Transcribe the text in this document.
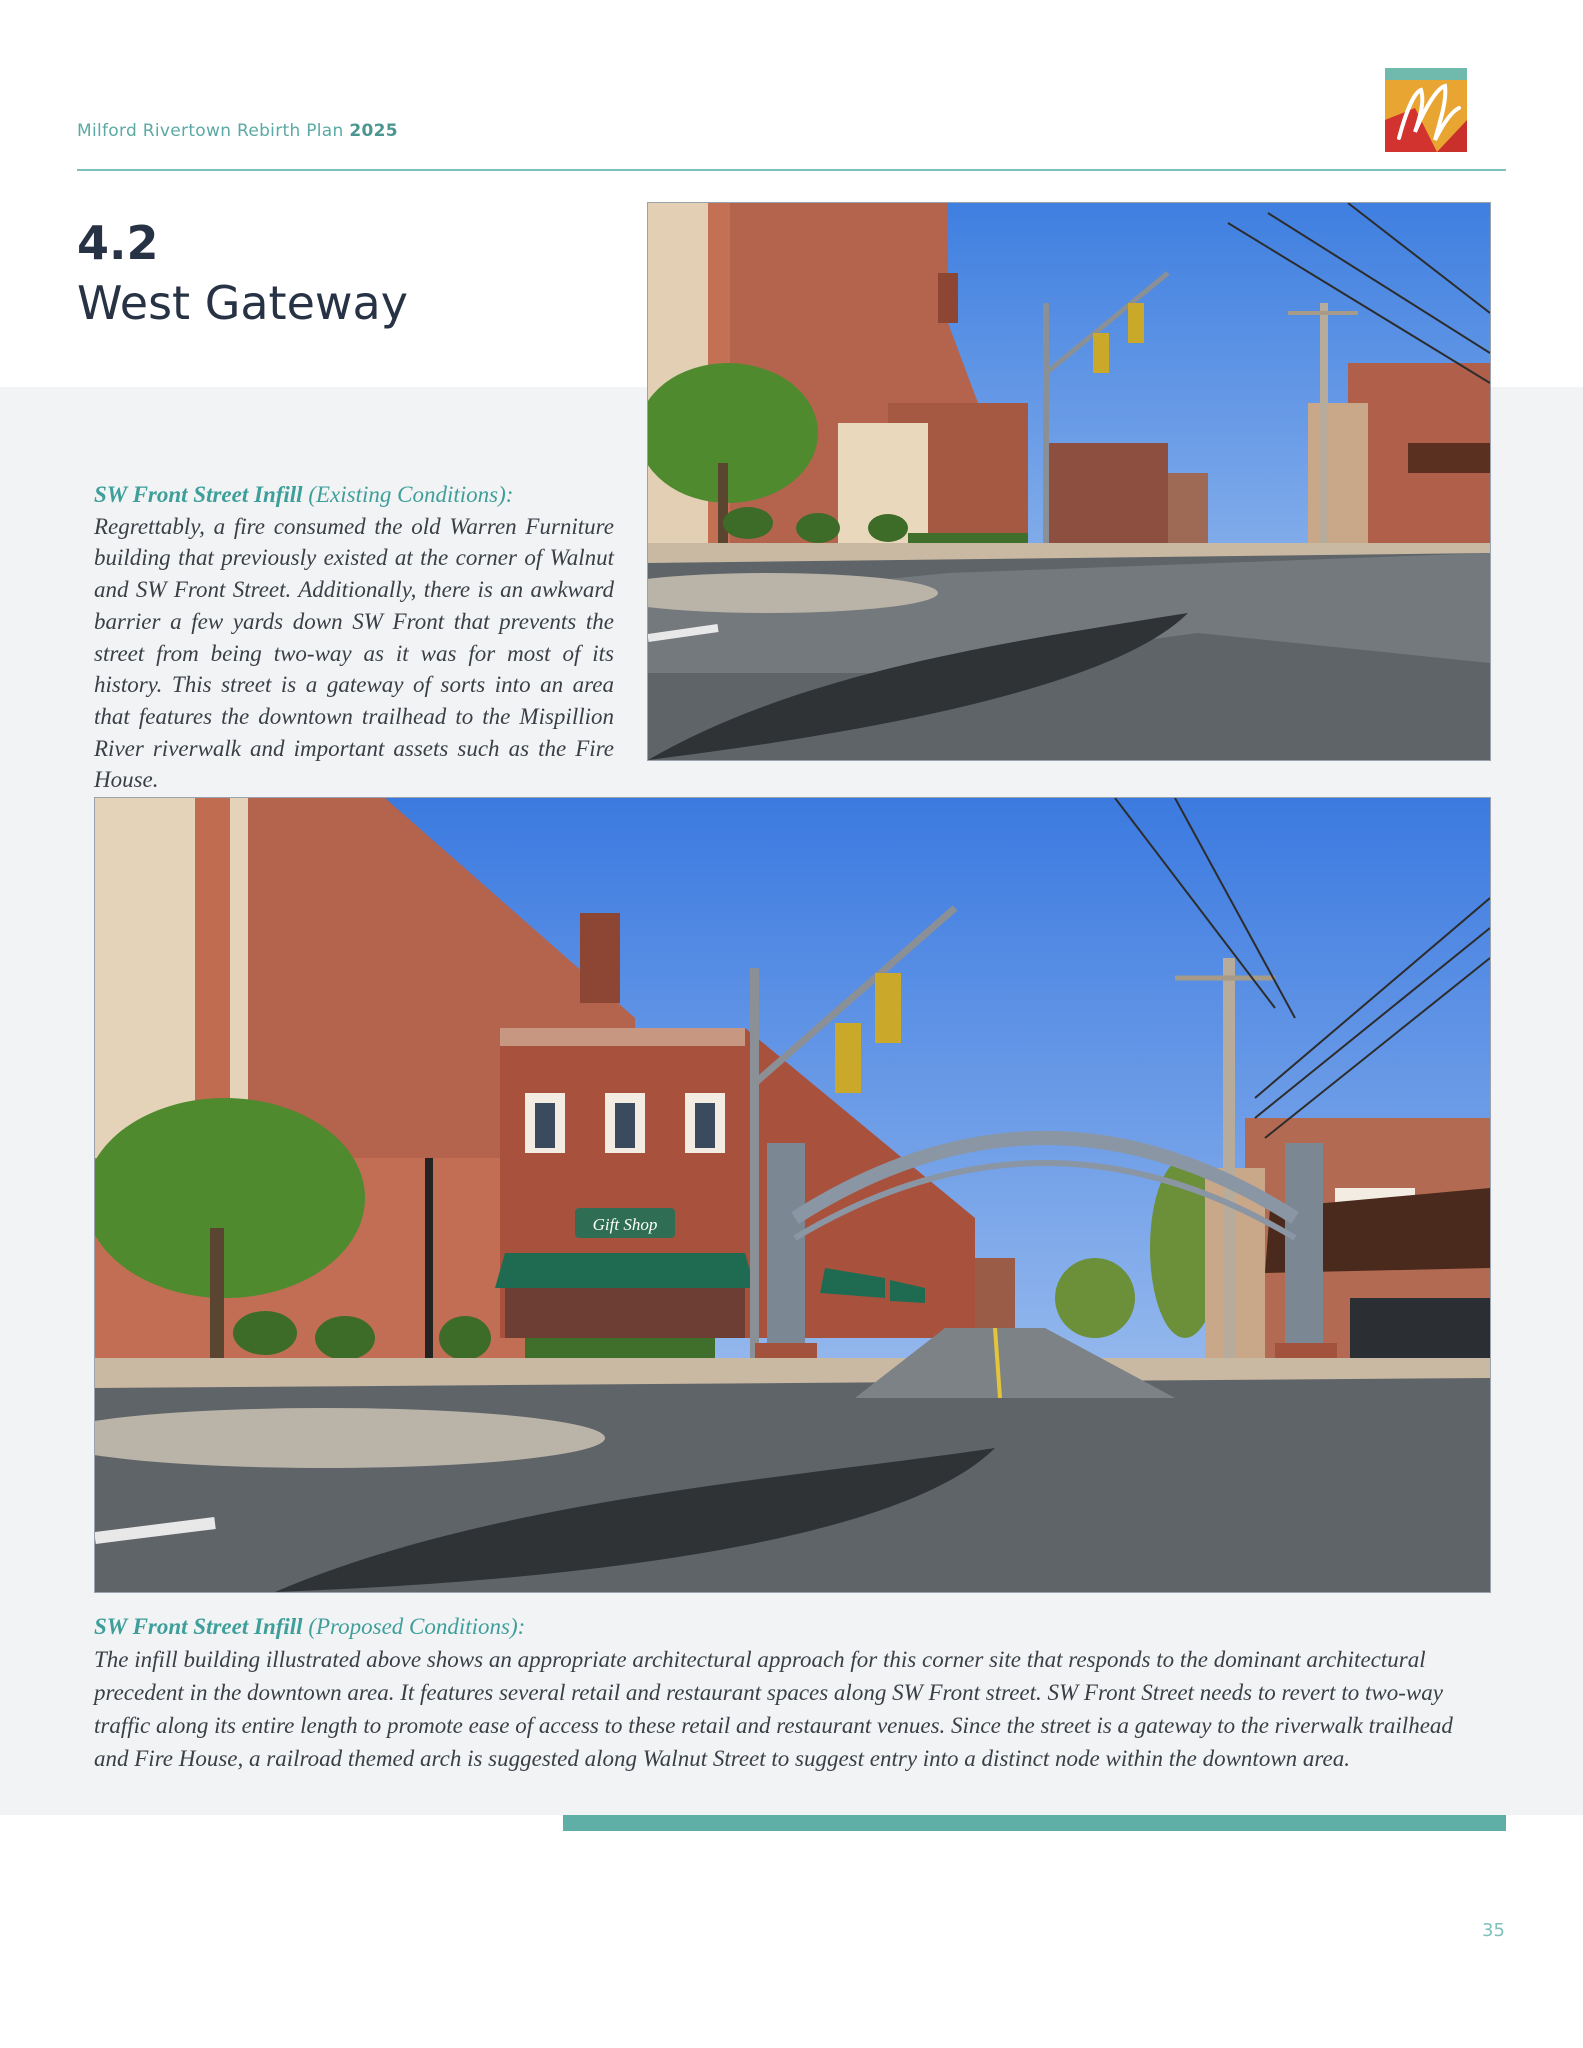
Milford Rivertown Rebirth Plan 2025
4.2
West Gateway
SW Front Street Infill (Existing Conditions):
Regrettably, a fire consumed the old Warren Furniture building that previously existed at the corner of Walnut and SW Front Street. Additionally, there is an awkward barrier a few yards down SW Front that prevents the street from being two-way as it was for most of its history. This street is a gateway of sorts into an area that features the downtown trailhead to the Mispillion River riverwalk and important assets such as the Fire House.
Gift Shop
SW Front Street Infill (Proposed Conditions):
The infill building illustrated above shows an appropriate architectural approach for this corner site that responds to the dominant architectural precedent in the downtown area. It features several retail and restaurant spaces along SW Front street. SW Front Street needs to revert to two-way traffic along its entire length to promote ease of access to these retail and restaurant venues. Since the street is a gateway to the riverwalk trailhead and Fire House, a railroad themed arch is suggested along Walnut Street to suggest entry into a distinct node within the downtown area.
35
